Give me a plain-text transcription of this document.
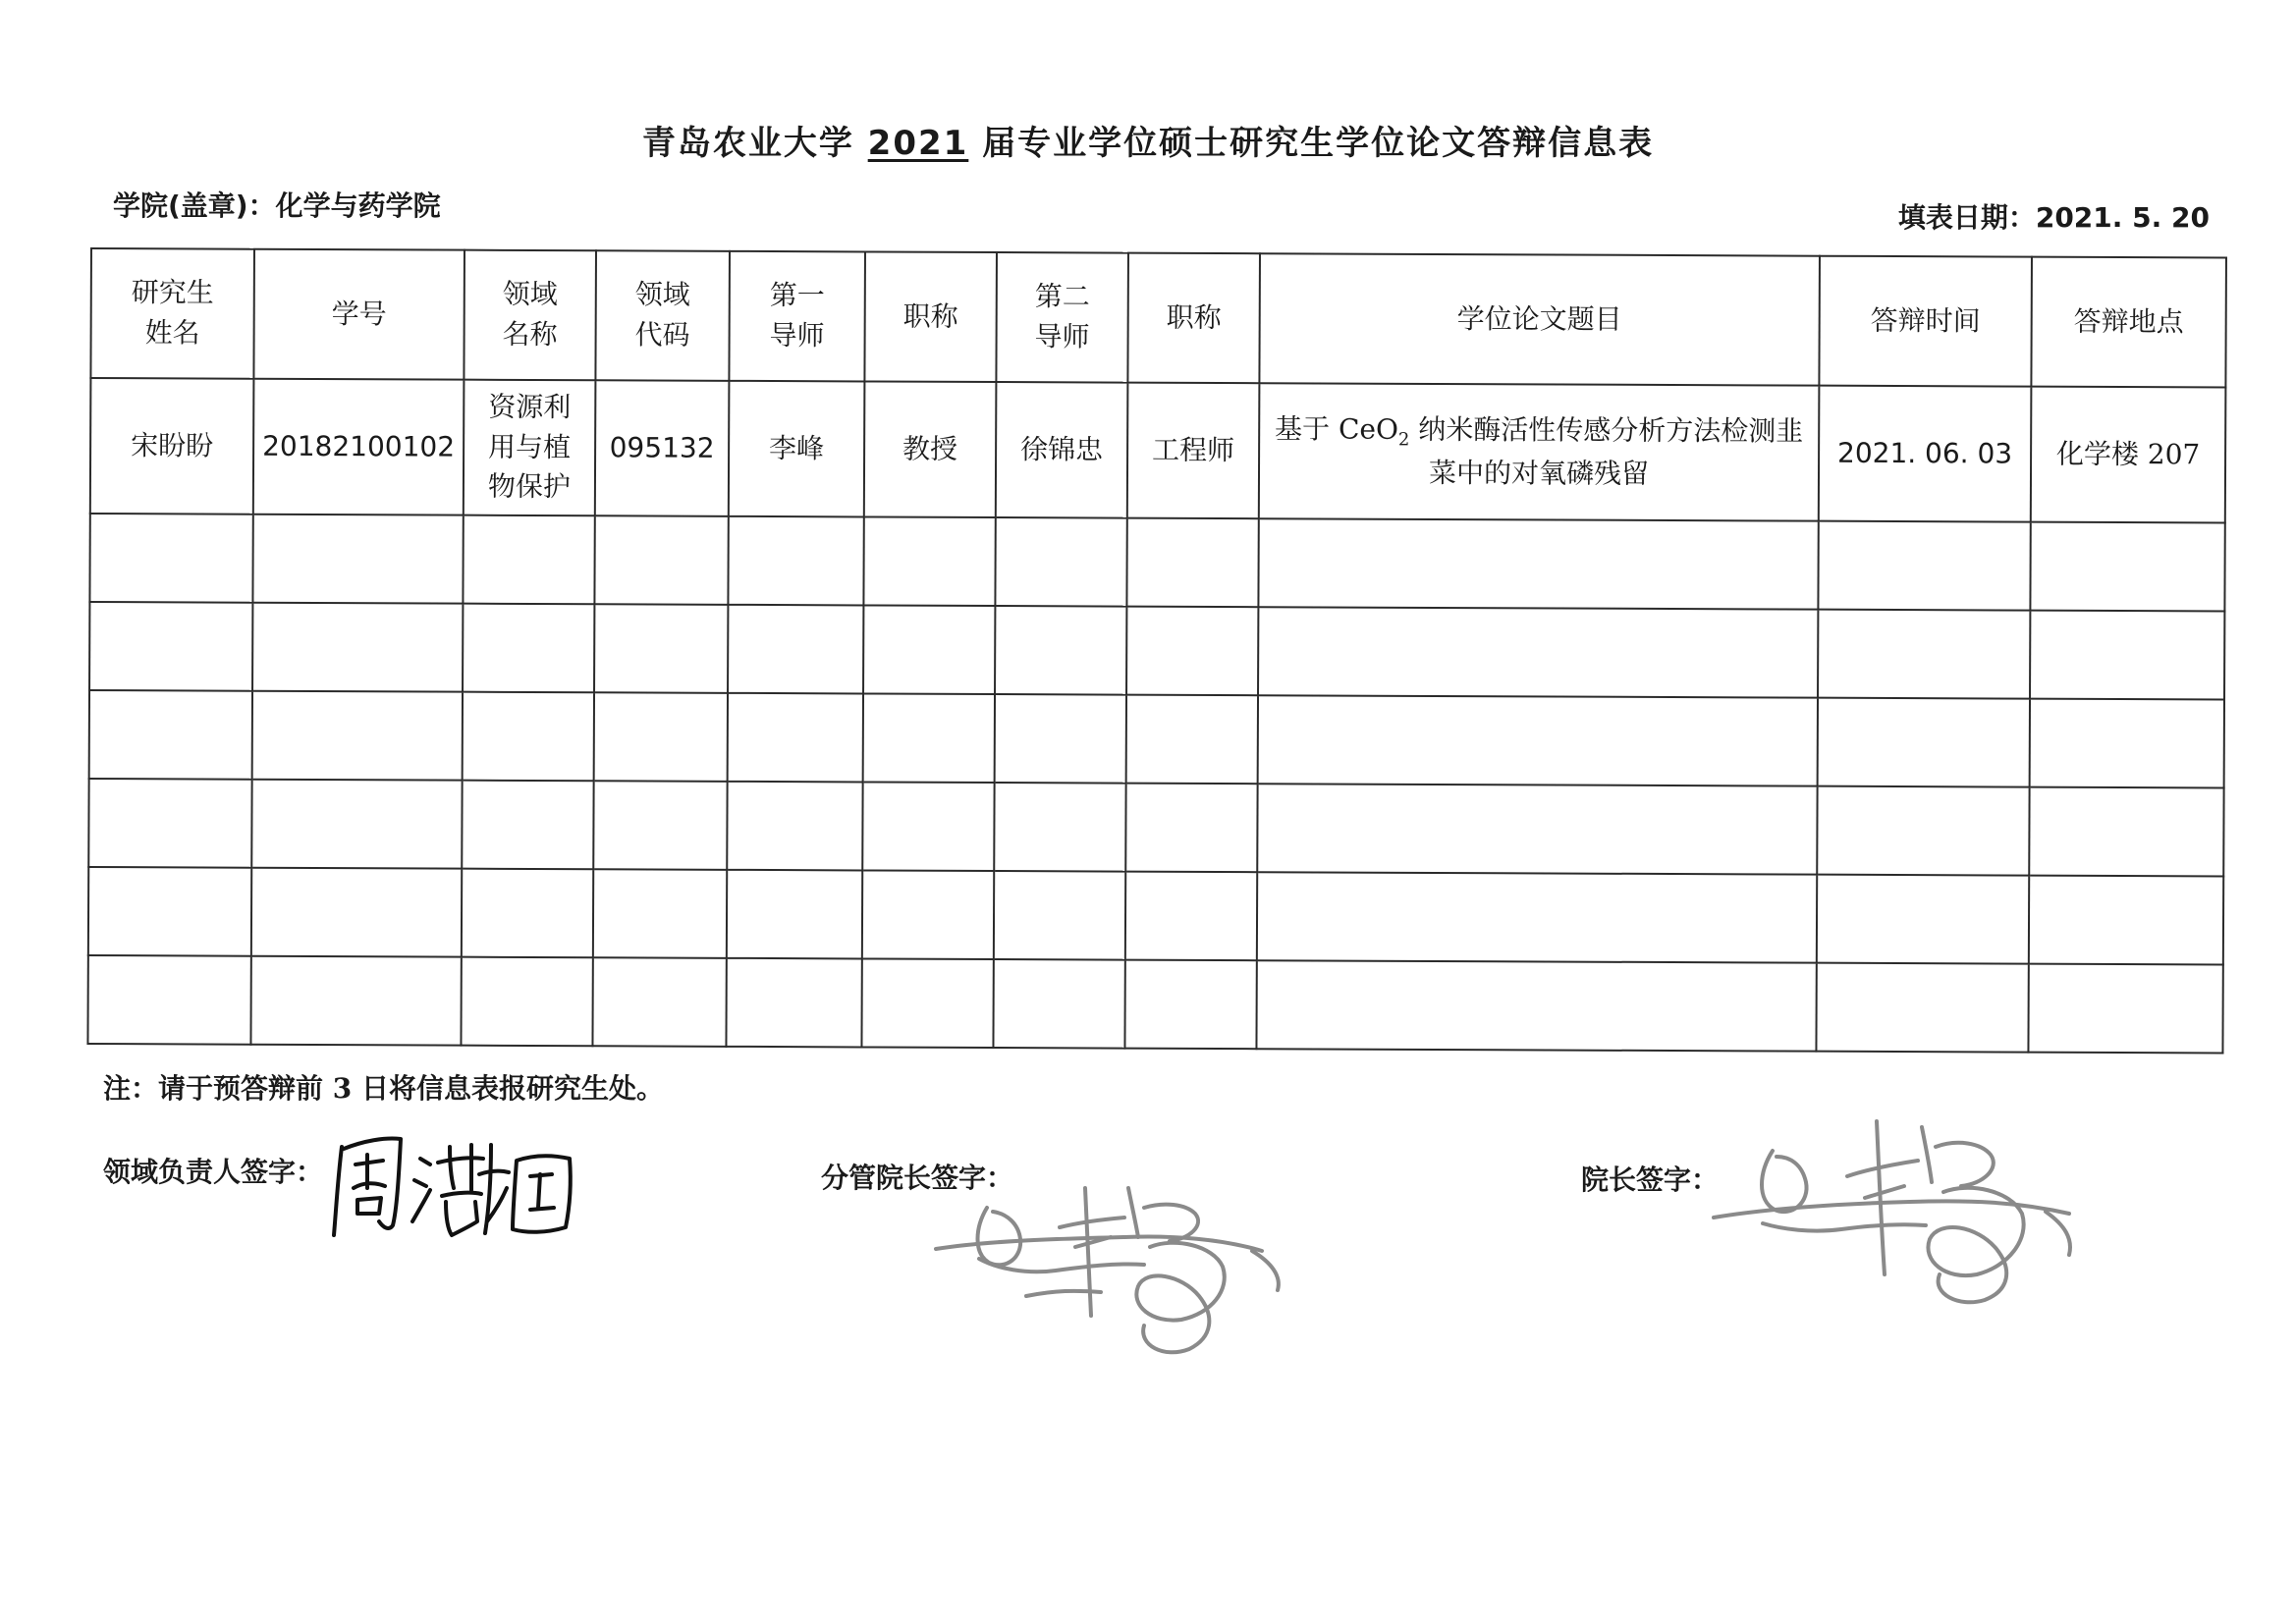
青岛农业大学 2021 届专业学位硕士研究生学位论文答辩信息表
学院(盖章)：化学与药学院	填表日期：2021. 5. 20
研究生姓名	学号	领域名称	领域代码	第一导师	职称	第二导师	职称	学位论文题目	答辩时间	答辩地点
宋盼盼	20182100102	资源利用与植物保护	095132	李峰	教授	徐锦忠	工程师	基于 CeO$_2$ 纳米酶活性传感分析方法检测韭菜中的对氧磷残留	2021. 06. 03	化学楼 207

注：请于预答辩前 3 日将信息表报研究生处。
领域负责人签字：	分管院长签字：	院长签字：
